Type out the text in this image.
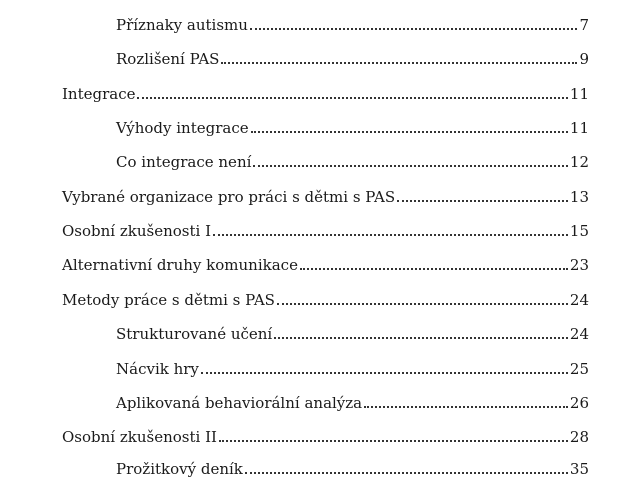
Příznaky autismu	7
Rozlišení PAS	9
Integrace	11
Výhody integrace	11
Co integrace není	12
Vybrané organizace pro práci s dětmi s PAS	13
Osobní zkušenosti I	15
Alternativní druhy komunikace	23
Metody práce s dětmi s PAS	24
Strukturované učení	24
Nácvik hry	25
Aplikovaná behaviorální analýza	26
Osobní zkušenosti II	28
Prožitkový deník	35
